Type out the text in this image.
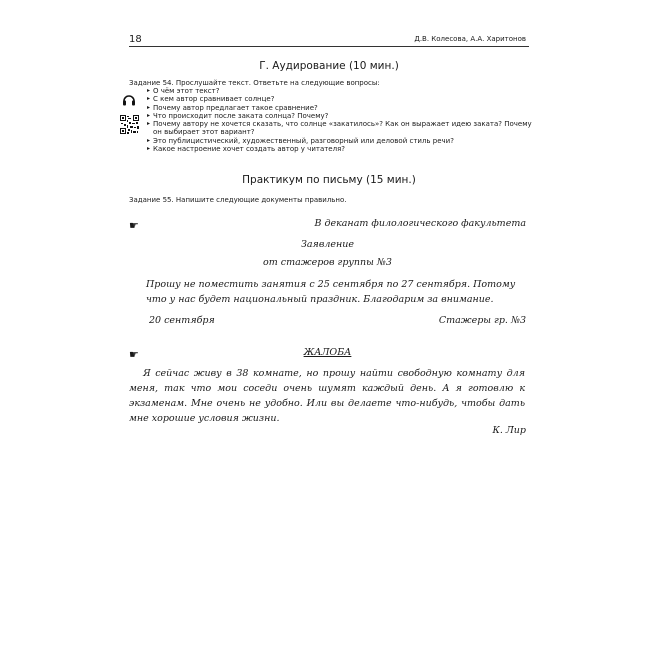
18	Д.В. Колесова, А.А. Харитонов
Г. Аудирование (10 мин.)
Задание 54. Прослушайте текст. Ответьте на следующие вопросы:
▸ О чём этот текст?
▸ С кем автор сравнивает солнце?
▸ Почему автор предлагает такое сравнение?
▸ Что происходит после заката солнца? Почему?
▸ Почему автору не хочется сказать, что солнце «закатилось»? Как он выражает идею заката? Почему он выбирает этот вариант?
▸ Это публицистический, художественный, разговорный или деловой стиль речи?
▸ Какое настроение хочет создать автор у читателя?
Практикум по письму (15 мин.)
Задание 55. Напишите следующие документы правильно.
☛	В деканат филологического факультета
Заявление
от стажеров группы №3
Прошу не поместить занятия с 25 сентября по 27 сентября. Потому что у нас будет национальный праздник. Благодарим за внимание.
20 сентября	Стажеры гр. №3
☛	ЖАЛОБА
Я сейчас живу в 38 комнате, но прошу найти свободную комнату для меня, так что мои соседи очень шумят каждый день. А я готовлю к экзаменам. Мне очень не удобно. Или вы делаете что-нибудь, чтобы дать мне хорошие условия жизни.
К. Лир
